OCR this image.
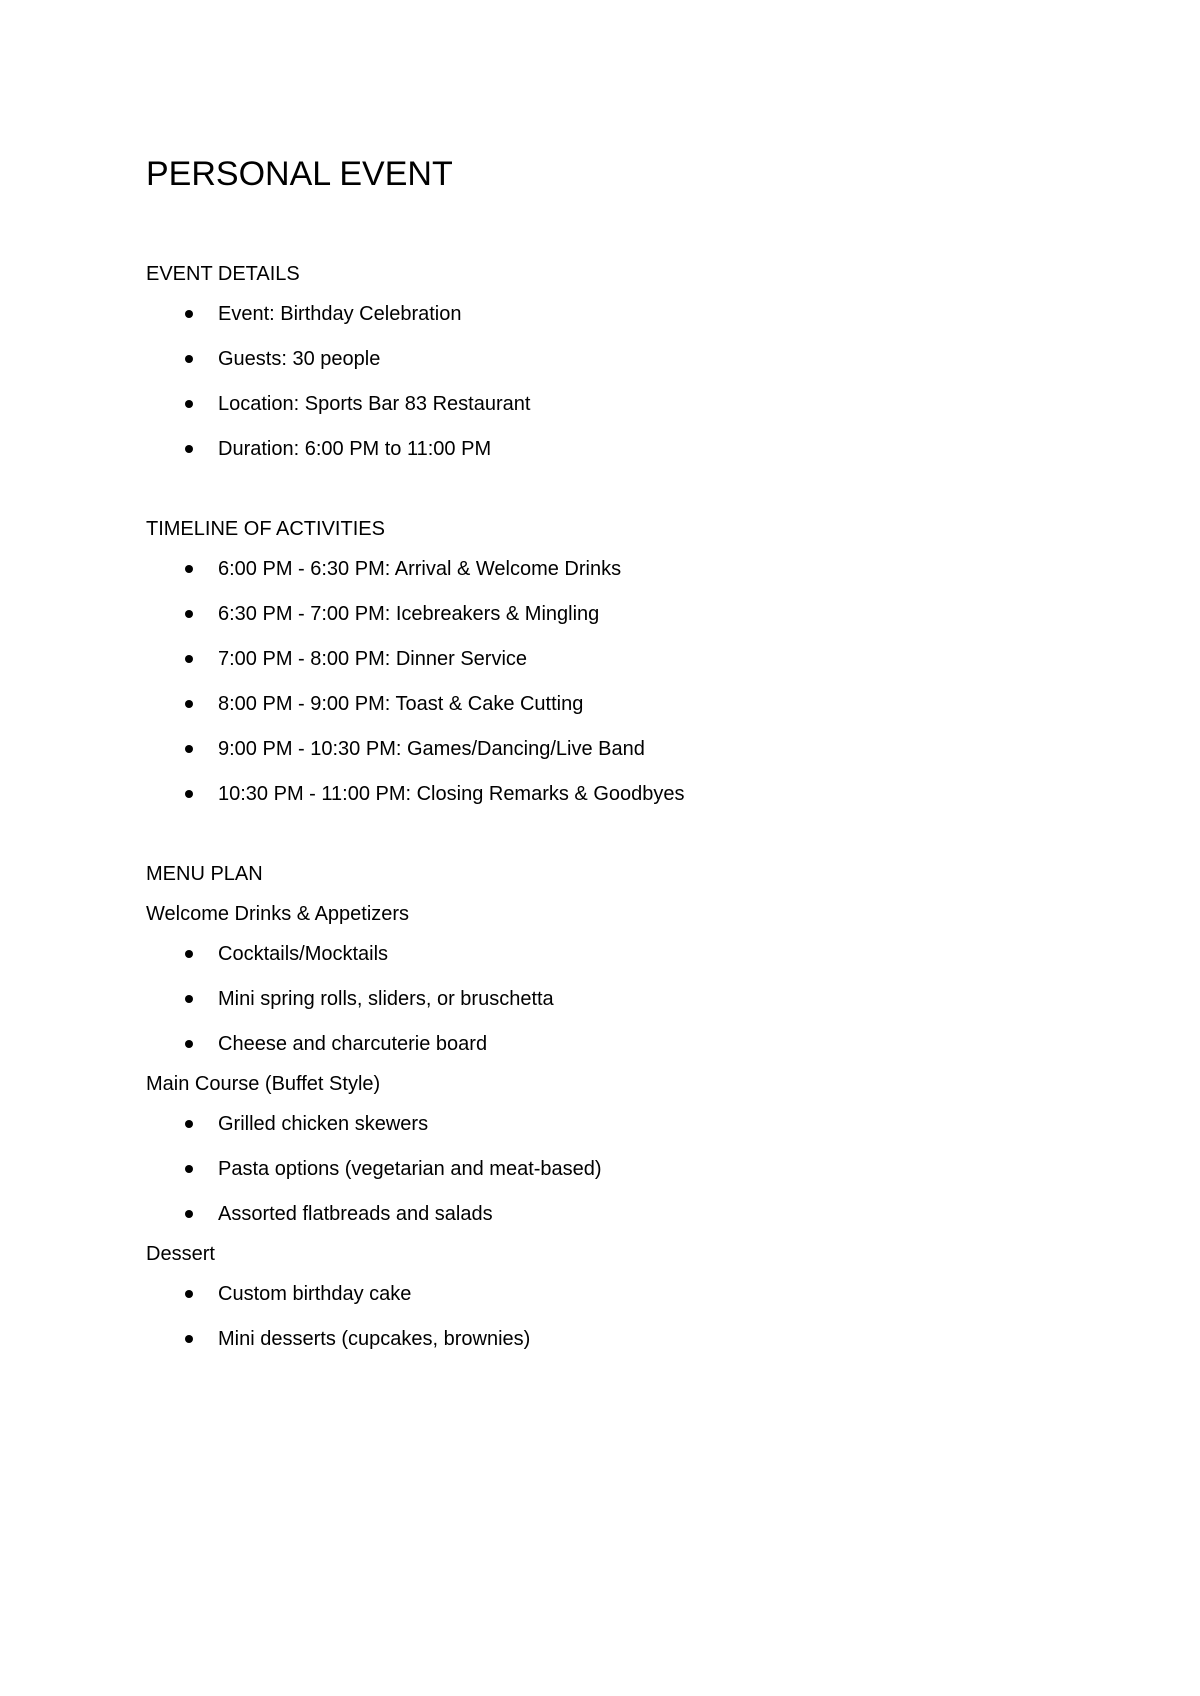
PERSONAL EVENT
EVENT DETAILS
Event: Birthday Celebration
Guests: 30 people
Location: Sports Bar 83 Restaurant
Duration: 6:00 PM to 11:00 PM
TIMELINE OF ACTIVITIES
6:00 PM - 6:30 PM: Arrival & Welcome Drinks
6:30 PM - 7:00 PM: Icebreakers & Mingling
7:00 PM - 8:00 PM: Dinner Service
8:00 PM - 9:00 PM: Toast & Cake Cutting
9:00 PM - 10:30 PM: Games/Dancing/Live Band
10:30 PM - 11:00 PM: Closing Remarks & Goodbyes
MENU PLAN
Welcome Drinks & Appetizers
Cocktails/Mocktails
Mini spring rolls, sliders, or bruschetta
Cheese and charcuterie board
Main Course (Buffet Style)
Grilled chicken skewers
Pasta options (vegetarian and meat-based)
Assorted flatbreads and salads
Dessert
Custom birthday cake
Mini desserts (cupcakes, brownies)
